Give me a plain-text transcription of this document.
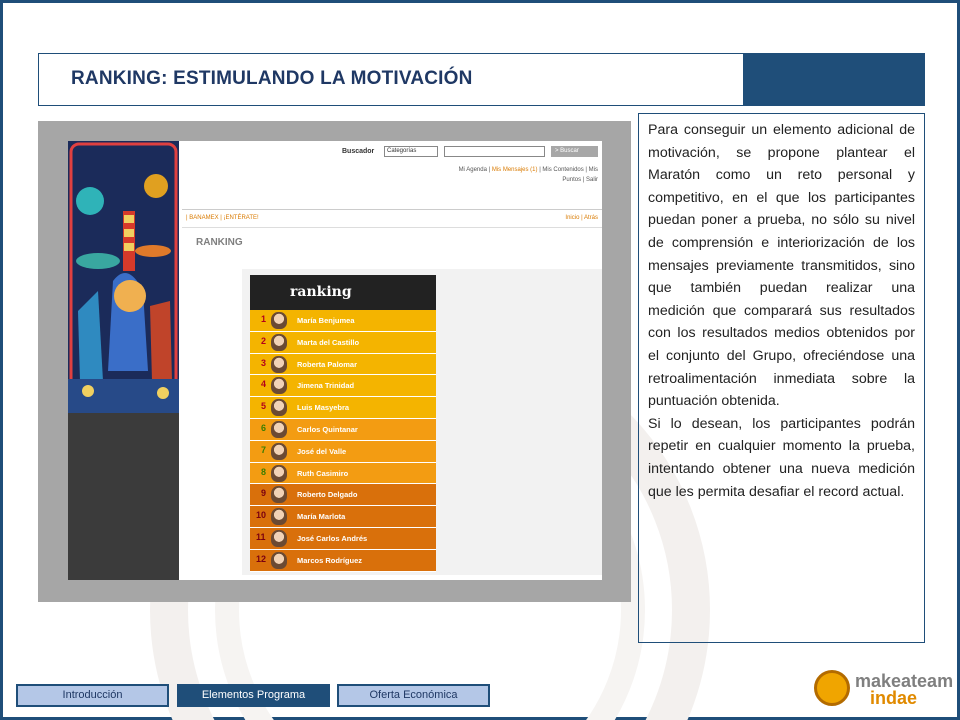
RANKING: ESTIMULANDO LA MOTIVACIÓN
Buscador	Categorías	> Buscar
Mi Agenda | Mis Mensajes (1) | Mis Contenidos | Mis
Puntos | Salir
| BANAMEX | ¡ENTÉRATE!	Inicio | Atrás
RANKING
ranking
1	María Benjumea
2	Marta del Castillo
3	Roberta Palomar
4	Jimena Trinidad
5	Luis Masyebra
6	Carlos Quintanar
7	José del Valle
8	Ruth Casimiro
9	Roberto Delgado
10	María Marlota
11	José Carlos Andrés
12	Marcos Rodríguez

Para conseguir un elemento adicional de motivación, se propone plantear el Maratón como un reto personal y competitivo, en el que los participantes puedan poner a prueba, no sólo su nivel de comprensión e interiorización de los mensajes previamente transmitidos, sino que también puedan realizar una medición que comparará sus resultados con los resultados medios obtenidos por el conjunto del Grupo, ofreciéndose una retroalimentación inmediata sobre la puntuación obtenida.

Si lo desean, los participantes podrán repetir en cualquier momento la prueba, intentando obtener una nueva medición que les permita desafiar el record actual.

Introducción	Elementos Programa	Oferta Económica
makeateam
indae
